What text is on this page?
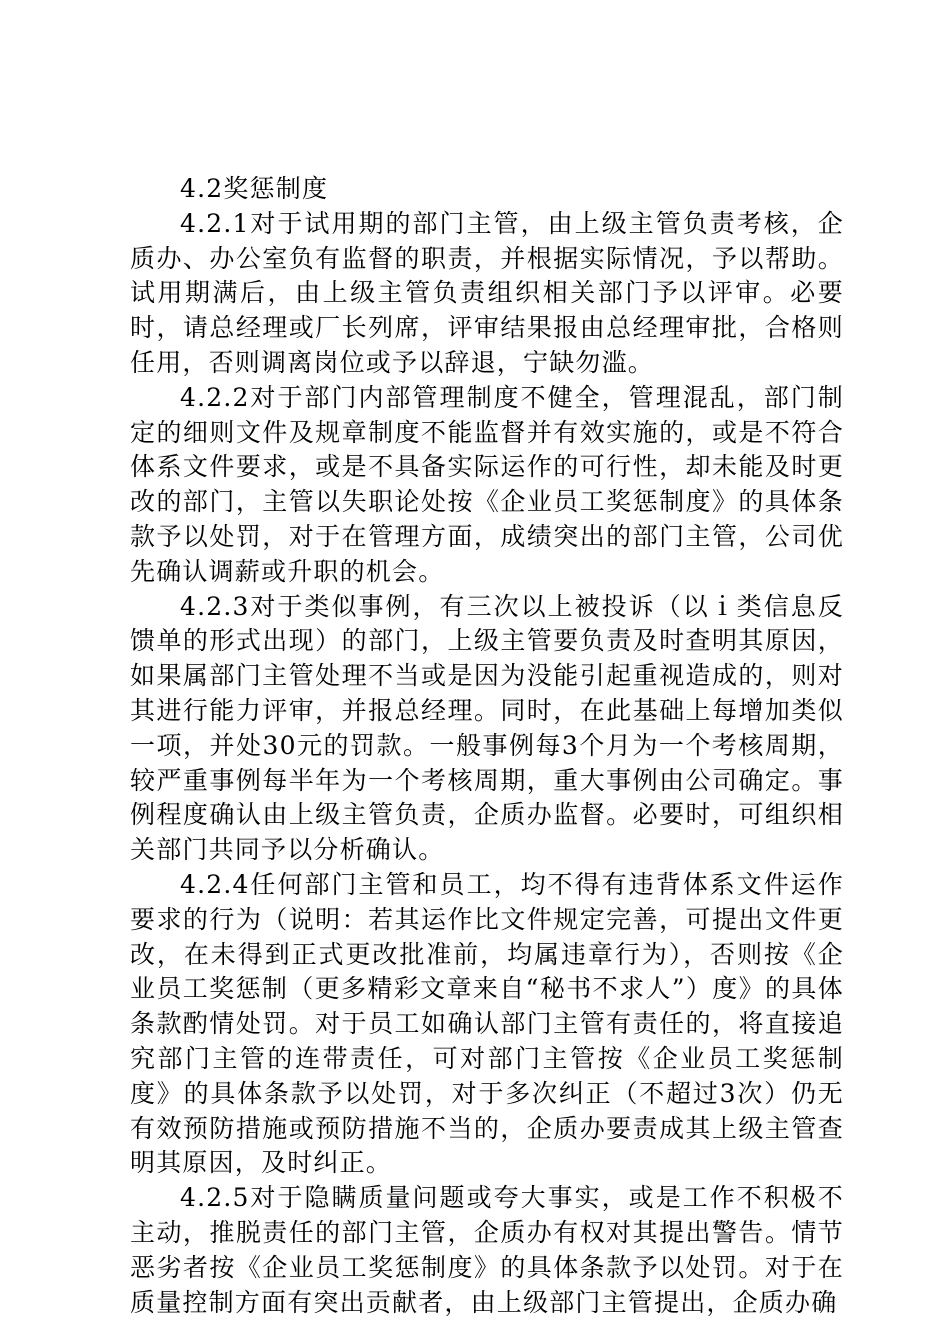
4.2奖惩制度

4.2.1对于试用期的部门主管，由上级主管负责考核，企质办、办公室负有监督的职责，并根据实际情况，予以帮助。试用期满后，由上级主管负责组织相关部门予以评审。必要时，请总经理或厂长列席，评审结果报由总经理审批，合格则任用，否则调离岗位或予以辞退，宁缺勿滥。

4.2.2对于部门内部管理制度不健全，管理混乱，部门制定的细则文件及规章制度不能监督并有效实施的，或是不符合体系文件要求，或是不具备实际运作的可行性，却未能及时更改的部门，主管以失职论处按《企业员工奖惩制度》的具体条款予以处罚，对于在管理方面，成绩突出的部门主管，公司优先确认调薪或升职的机会。

4.2.3对于类似事例，有三次以上被投诉（以ｉ类信息反馈单的形式出现）的部门，上级主管要负责及时查明其原因，如果属部门主管处理不当或是因为没能引起重视造成的，则对其进行能力评审，并报总经理。同时，在此基础上每增加类似一项，并处30元的罚款。一般事例每3个月为一个考核周期，较严重事例每半年为一个考核周期，重大事例由公司确定。事例程度确认由上级主管负责，企质办监督。必要时，可组织相关部门共同予以分析确认。

4.2.4任何部门主管和员工，均不得有违背体系文件运作要求的行为（说明：若其运作比文件规定完善，可提出文件更改，在未得到正式更改批准前，均属违章行为），否则按《企业员工奖惩制（更多精彩文章来自“秘书不求人”）度》的具体条款酌情处罚。对于员工如确认部门主管有责任的，将直接追究部门主管的连带责任，可对部门主管按《企业员工奖惩制度》的具体条款予以处罚，对于多次纠正（不超过3次）仍无有效预防措施或预防措施不当的，企质办要责成其上级主管查明其原因，及时纠正。

4.2.5对于隐瞒质量问题或夸大事实，或是工作不积极不主动，推脱责任的部门主管，企质办有权对其提出警告。情节恶劣者按《企业员工奖惩制度》的具体条款予以处罚。对于在质量控制方面有突出贡献者，由上级部门主管提出，企质办确
